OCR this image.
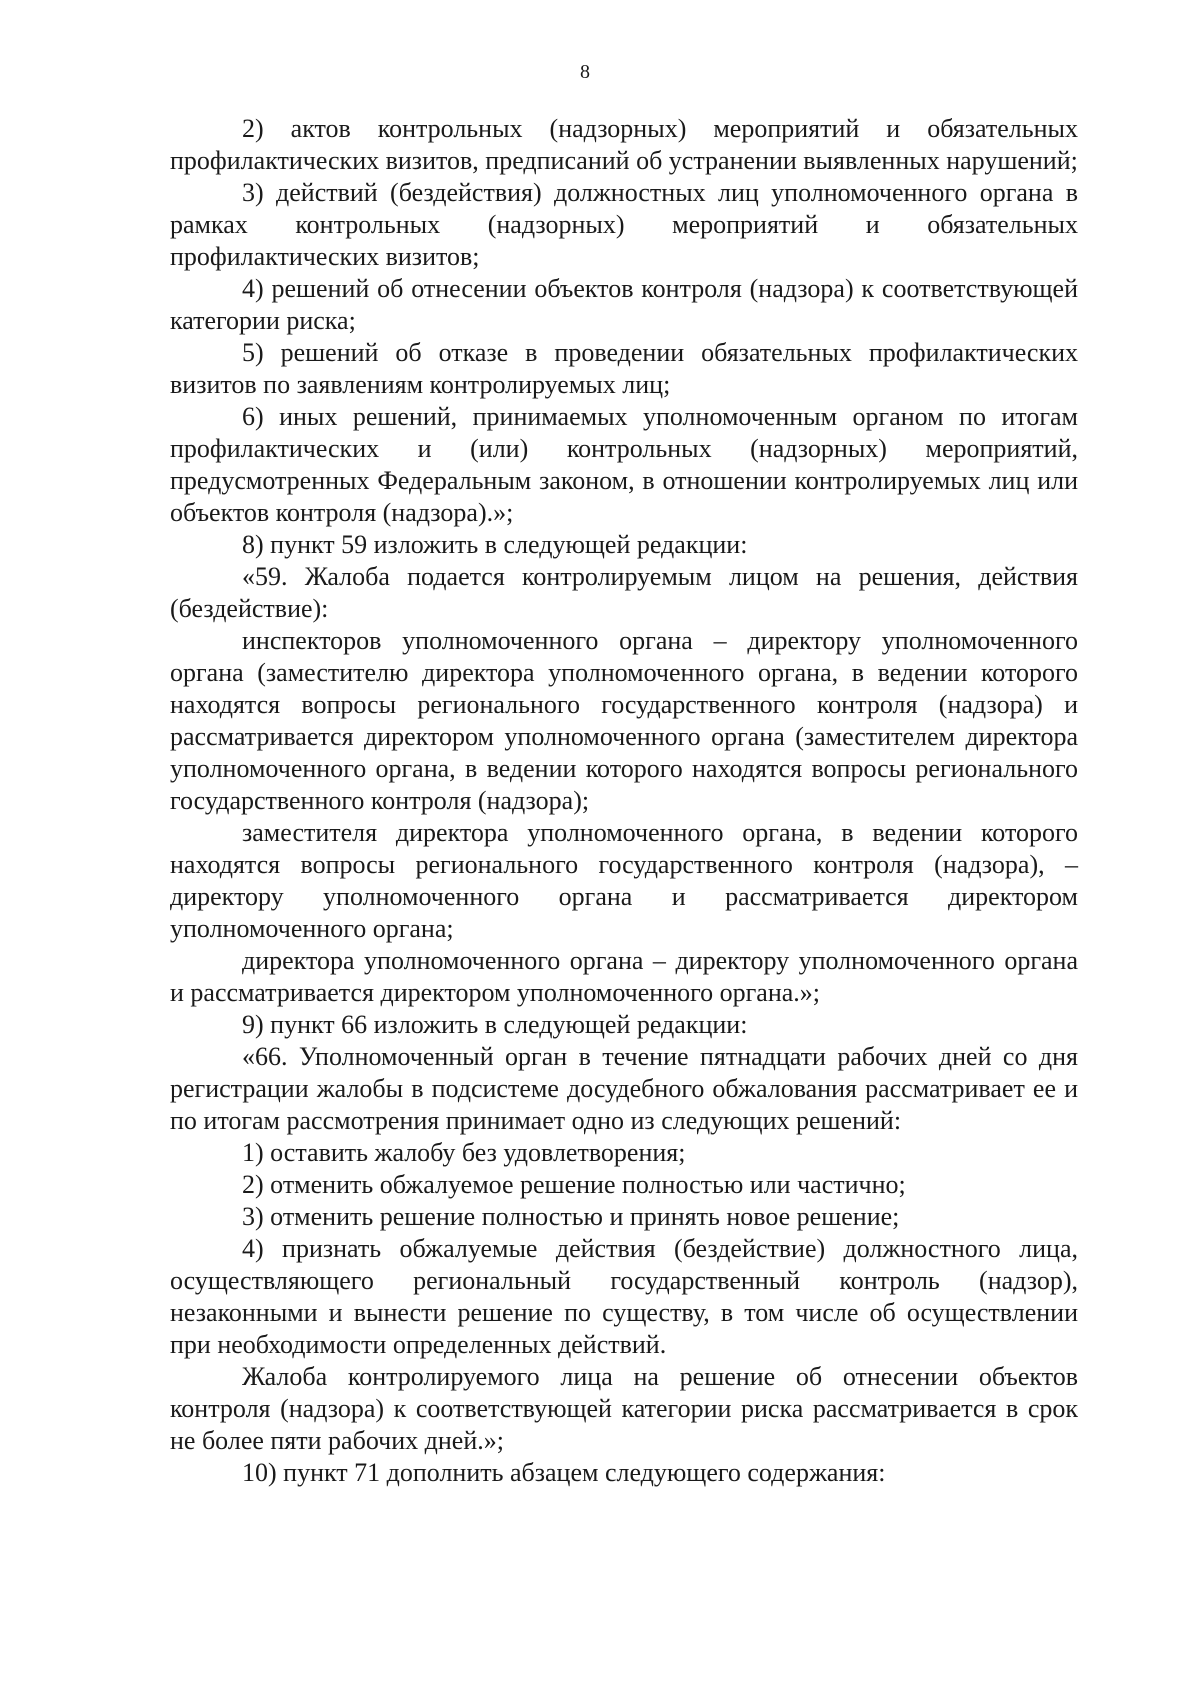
8

2) актов контрольных (надзорных) мероприятий и обязательных профилактических визитов, предписаний об устранении выявленных нарушений;

3) действий (бездействия) должностных лиц уполномоченного органа в рамках контрольных (надзорных) мероприятий и обязательных профилактических визитов;

4) решений об отнесении объектов контроля (надзора) к соответствующей категории риска;

5) решений об отказе в проведении обязательных профилактических визитов по заявлениям контролируемых лиц;

6) иных решений, принимаемых уполномоченным органом по итогам профилактических и (или) контрольных (надзорных) мероприятий, предусмотренных Федеральным законом, в отношении контролируемых лиц или объектов контроля (надзора).»;

8) пункт 59 изложить в следующей редакции:

«59. Жалоба подается контролируемым лицом на решения, действия (бездействие):

инспекторов уполномоченного органа – директору уполномоченного органа (заместителю директора уполномоченного органа, в ведении которого находятся вопросы регионального государственного контроля (надзора) и рассматривается директором уполномоченного органа (заместителем директора уполномоченного органа, в ведении которого находятся вопросы регионального государственного контроля (надзора);

заместителя директора уполномоченного органа, в ведении которого находятся вопросы регионального государственного контроля (надзора), – директору уполномоченного органа и рассматривается директором уполномоченного органа;

директора уполномоченного органа – директору уполномоченного органа и рассматривается директором уполномоченного органа.»;

9) пункт 66 изложить в следующей редакции:

«66. Уполномоченный орган в течение пятнадцати рабочих дней со дня регистрации жалобы в подсистеме досудебного обжалования рассматривает ее и по итогам рассмотрения принимает одно из следующих решений:

1) оставить жалобу без удовлетворения;

2) отменить обжалуемое решение полностью или частично;

3) отменить решение полностью и принять новое решение;

4) признать обжалуемые действия (бездействие) должностного лица, осуществляющего региональный государственный контроль (надзор), незаконными и вынести решение по существу, в том числе об осуществлении при необходимости определенных действий.

Жалоба контролируемого лица на решение об отнесении объектов контроля (надзора) к соответствующей категории риска рассматривается в срок не более пяти рабочих дней.»;

10) пункт 71 дополнить абзацем следующего содержания:
